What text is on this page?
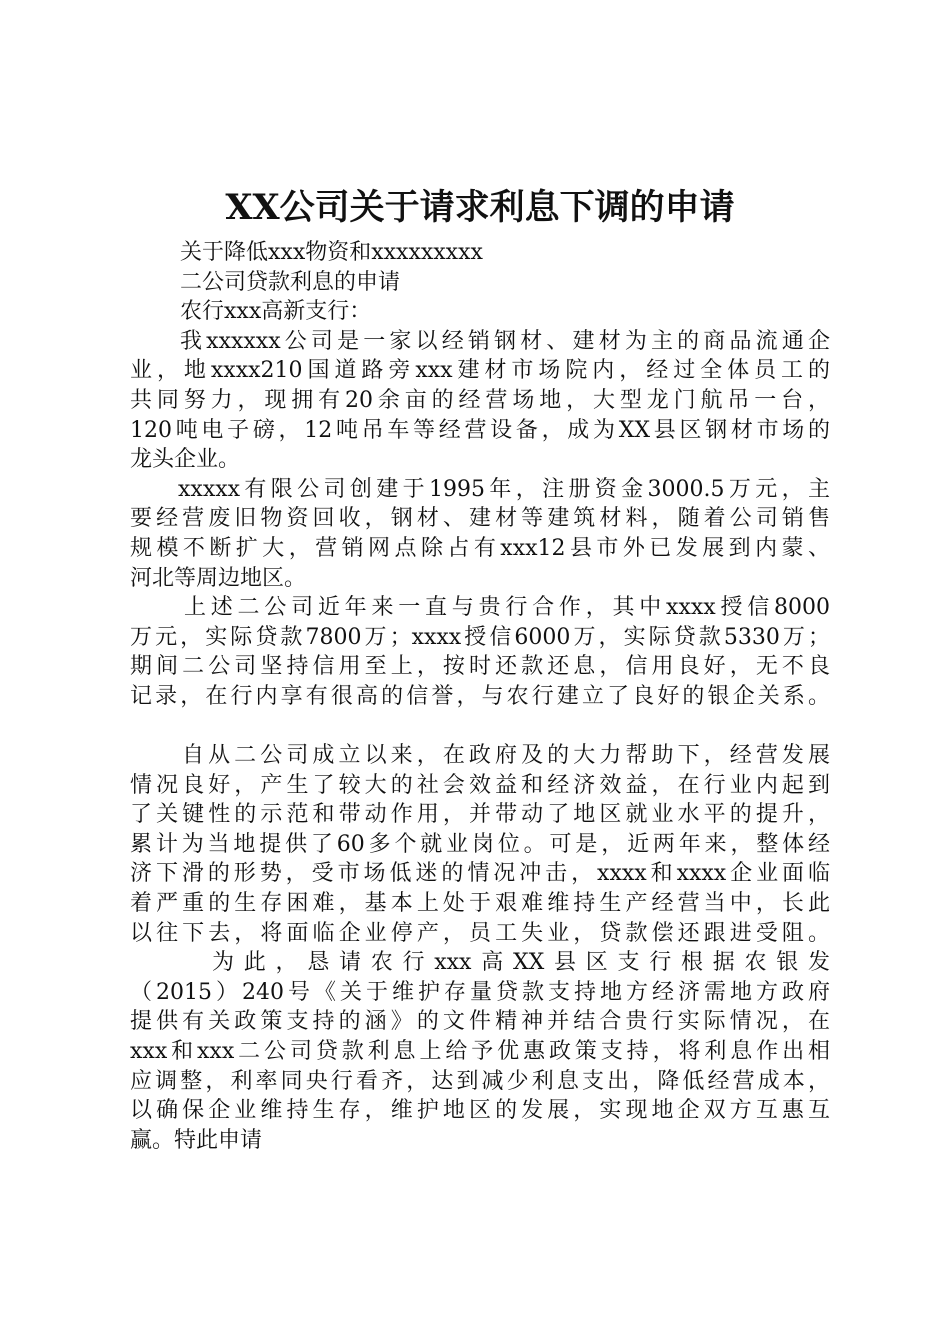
XX公司关于请求利息下调的申请
关于降低xxx物资和xxxxxxxxx
二公司贷款利息的申请
农行xxx高新支行：
我xxxxxx公司是一家以经销钢材、建材为主的商品流通企
业，地xxxx210国道路旁xxx建材市场院内，经过全体员工的
共同努力，现拥有20余亩的经营场地，大型龙门航吊一台，
120吨电子磅，12吨吊车等经营设备，成为XX县区钢材市场的
龙头企业。
xxxxx有限公司创建于1995年，注册资金3000.5万元，主
要经营废旧物资回收，钢材、建材等建筑材料，随着公司销售
规模不断扩大，营销网点除占有xxx12县市外已发展到内蒙、
河北等周边地区。
上述二公司近年来一直与贵行合作，其中xxxx授信8000
万元，实际贷款7800万；xxxx授信6000万，实际贷款5330万；
期间二公司坚持信用至上，按时还款还息，信用良好，无不良
记录，在行内享有很高的信誉，与农行建立了良好的银企关系。
自从二公司成立以来，在政府及的大力帮助下，经营发展
情况良好，产生了较大的社会效益和经济效益，在行业内起到
了关键性的示范和带动作用，并带动了地区就业水平的提升，
累计为当地提供了60多个就业岗位。可是，近两年来，整体经
济下滑的形势，受市场低迷的情况冲击，xxxx和xxxx企业面临
着严重的生存困难，基本上处于艰难维持生产经营当中，长此
以往下去，将面临企业停产，员工失业，贷款偿还跟进受阻。
为此，恳请农行xxx高XX县区支行根据农银发
（2015）240号《关于维护存量贷款支持地方经济需地方政府
提供有关政策支持的涵》的文件精神并结合贵行实际情况，在
xxx和xxx二公司贷款利息上给予优惠政策支持，将利息作出相
应调整，利率同央行看齐，达到减少利息支出，降低经营成本，
以确保企业维持生存，维护地区的发展，实现地企双方互惠互
赢。特此申请
